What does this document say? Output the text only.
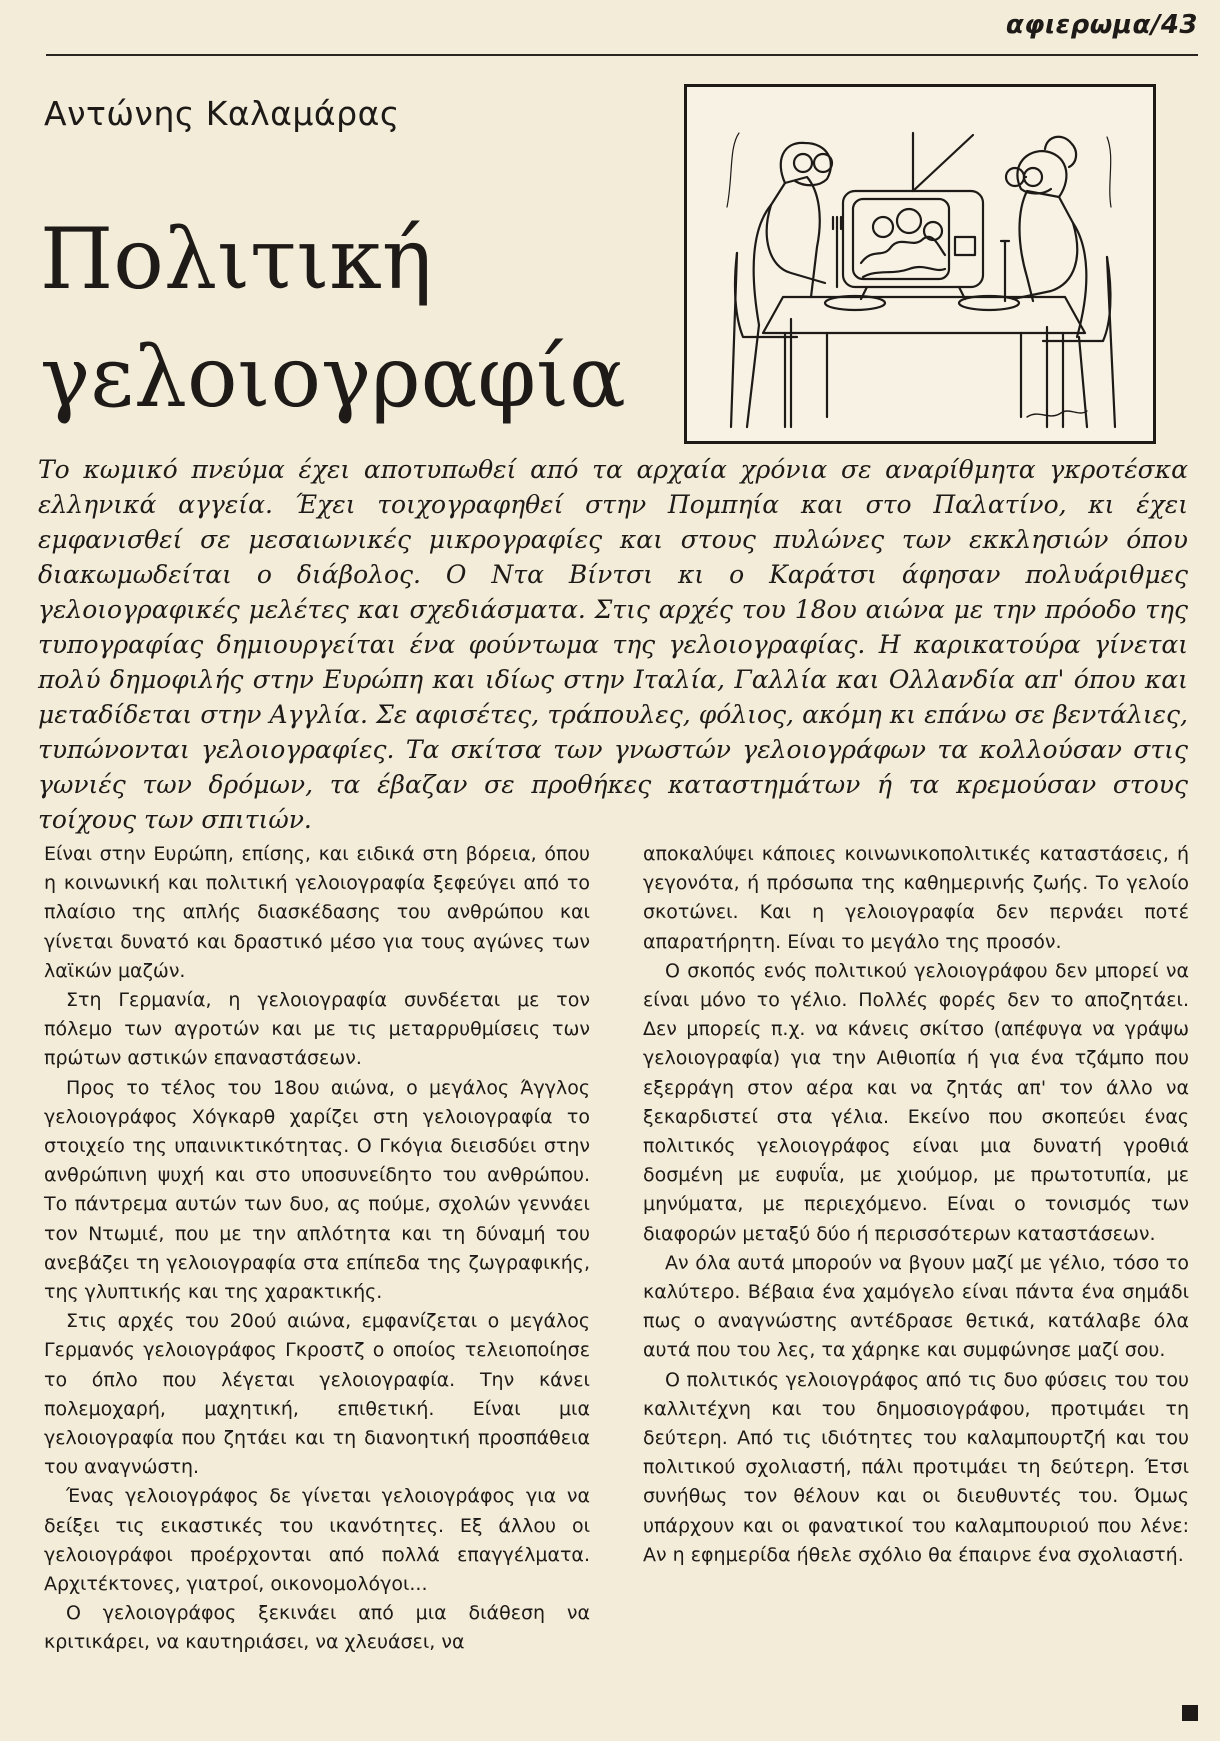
αφιερωμα/43
Αντώνης Καλαμάρας
Πολιτική
γελοιογραφία
Το κωμικό πνεύμα έχει αποτυπωθεί από τα αρχαία χρόνια σε αναρίθμητα γκροτέσκα ελληνικά αγγεία. Έχει τοιχογραφηθεί στην Πομπηία και στο Παλατίνο, κι έχει εμφανισθεί σε μεσαιωνικές μικρογραφίες και στους πυλώνες των εκκλησιών όπου διακωμωδείται ο διάβολος. Ο Ντα Βίντσι κι ο Καράτσι άφησαν πολυάριθμες γελοιογραφικές μελέτες και σχεδιάσματα. Στις αρχές του 18ου αιώνα με την πρόοδο της τυπογραφίας δημιουργείται ένα φούντωμα της γελοιογραφίας. Η καρικατούρα γίνεται πολύ δημοφιλής στην Ευρώπη και ιδίως στην Ιταλία, Γαλλία και Ολλανδία απ' όπου και μεταδίδεται στην Αγγλία. Σε αφισέτες, τράπουλες, φόλιος, ακόμη κι επάνω σε βεντάλιες, τυπώνονται γελοιογραφίες. Τα σκίτσα των γνωστών γελοιογράφων τα κολλούσαν στις γωνιές των δρόμων, τα έβαζαν σε προθήκες καταστημάτων ή τα κρεμούσαν στους τοίχους των σπιτιών.

Είναι στην Ευρώπη, επίσης, και ειδικά στη βόρεια, όπου η κοινωνική και πολιτική γελοιογραφία ξεφεύγει από το πλαίσιο της απλής διασκέδασης του ανθρώπου και γίνεται δυνατό και δραστικό μέσο για τους αγώνες των λαϊκών μαζών.

Στη Γερμανία, η γελοιογραφία συνδέεται με τον πόλεμο των αγροτών και με τις μεταρρυθμίσεις των πρώτων αστικών επαναστάσεων.

Προς το τέλος του 18ου αιώνα, ο μεγάλος Άγγλος γελοιογράφος Χόγκαρθ χαρίζει στη γελοιογραφία το στοιχείο της υπαινικτικότητας. Ο Γκόγια διεισδύει στην ανθρώπινη ψυχή και στο υποσυνείδητο του ανθρώπου. Το πάντρεμα αυτών των δυο, ας πούμε, σχολών γεννάει τον Ντωμιέ, που με την απλότητα και τη δύναμή του ανεβάζει τη γελοιογραφία στα επίπεδα της ζωγραφικής, της γλυπτικής και της χαρακτικής.

Στις αρχές του 20ού αιώνα, εμφανίζεται ο μεγάλος Γερμανός γελοιογράφος Γκροστζ ο οποίος τελειοποίησε το όπλο που λέγεται γελοιογραφία. Την κάνει πολεμοχαρή, μαχητική, επιθετική. Είναι μια γελοιογραφία που ζητάει και τη διανοητική προσπάθεια του αναγνώστη.

Ένας γελοιογράφος δε γίνεται γελοιογράφος για να δείξει τις εικαστικές του ικανότητες. Εξ άλλου οι γελοιογράφοι προέρχονται από πολλά επαγγέλματα. Αρχιτέκτονες, γιατροί, οικονομολόγοι...

Ο γελοιογράφος ξεκινάει από μια διάθεση να κριτικάρει, να καυτηριάσει, να χλευάσει, να

αποκαλύψει κάποιες κοινωνικοπολιτικές καταστάσεις, ή γεγονότα, ή πρόσωπα της καθημερινής ζωής. Το γελοίο σκοτώνει. Και η γελοιογραφία δεν περνάει ποτέ απαρατήρητη. Είναι το μεγάλο της προσόν.

Ο σκοπός ενός πολιτικού γελοιογράφου δεν μπορεί να είναι μόνο το γέλιο. Πολλές φορές δεν το αποζητάει. Δεν μπορείς π.χ. να κάνεις σκίτσο (απέφυγα να γράψω γελοιογραφία) για την Αιθιοπία ή για ένα τζάμπο που εξερράγη στον αέρα και να ζητάς απ' τον άλλο να ξεκαρδιστεί στα γέλια. Εκείνο που σκοπεύει ένας πολιτικός γελοιογράφος είναι μια δυνατή γροθιά δοσμένη με ευφυΐα, με χιούμορ, με πρωτοτυπία, με μηνύματα, με περιεχόμενο. Είναι ο τονισμός των διαφορών μεταξύ δύο ή περισσότερων καταστάσεων.

Αν όλα αυτά μπορούν να βγουν μαζί με γέλιο, τόσο το καλύτερο. Βέβαια ένα χαμόγελο είναι πάντα ένα σημάδι πως ο αναγνώστης αντέδρασε θετικά, κατάλαβε όλα αυτά που του λες, τα χάρηκε και συμφώνησε μαζί σου.

Ο πολιτικός γελοιογράφος από τις δυο φύσεις του του καλλιτέχνη και του δημοσιογράφου, προτιμάει τη δεύτερη. Από τις ιδιότητες του καλαμπουρτζή και του πολιτικού σχολιαστή, πάλι προτιμάει τη δεύτερη. Έτσι συνήθως τον θέλουν και οι διευθυντές του. Όμως υπάρχουν και οι φανατικοί του καλαμπουριού που λένε: Αν η εφημερίδα ήθελε σχόλιο θα έπαιρνε ένα σχολιαστή.
